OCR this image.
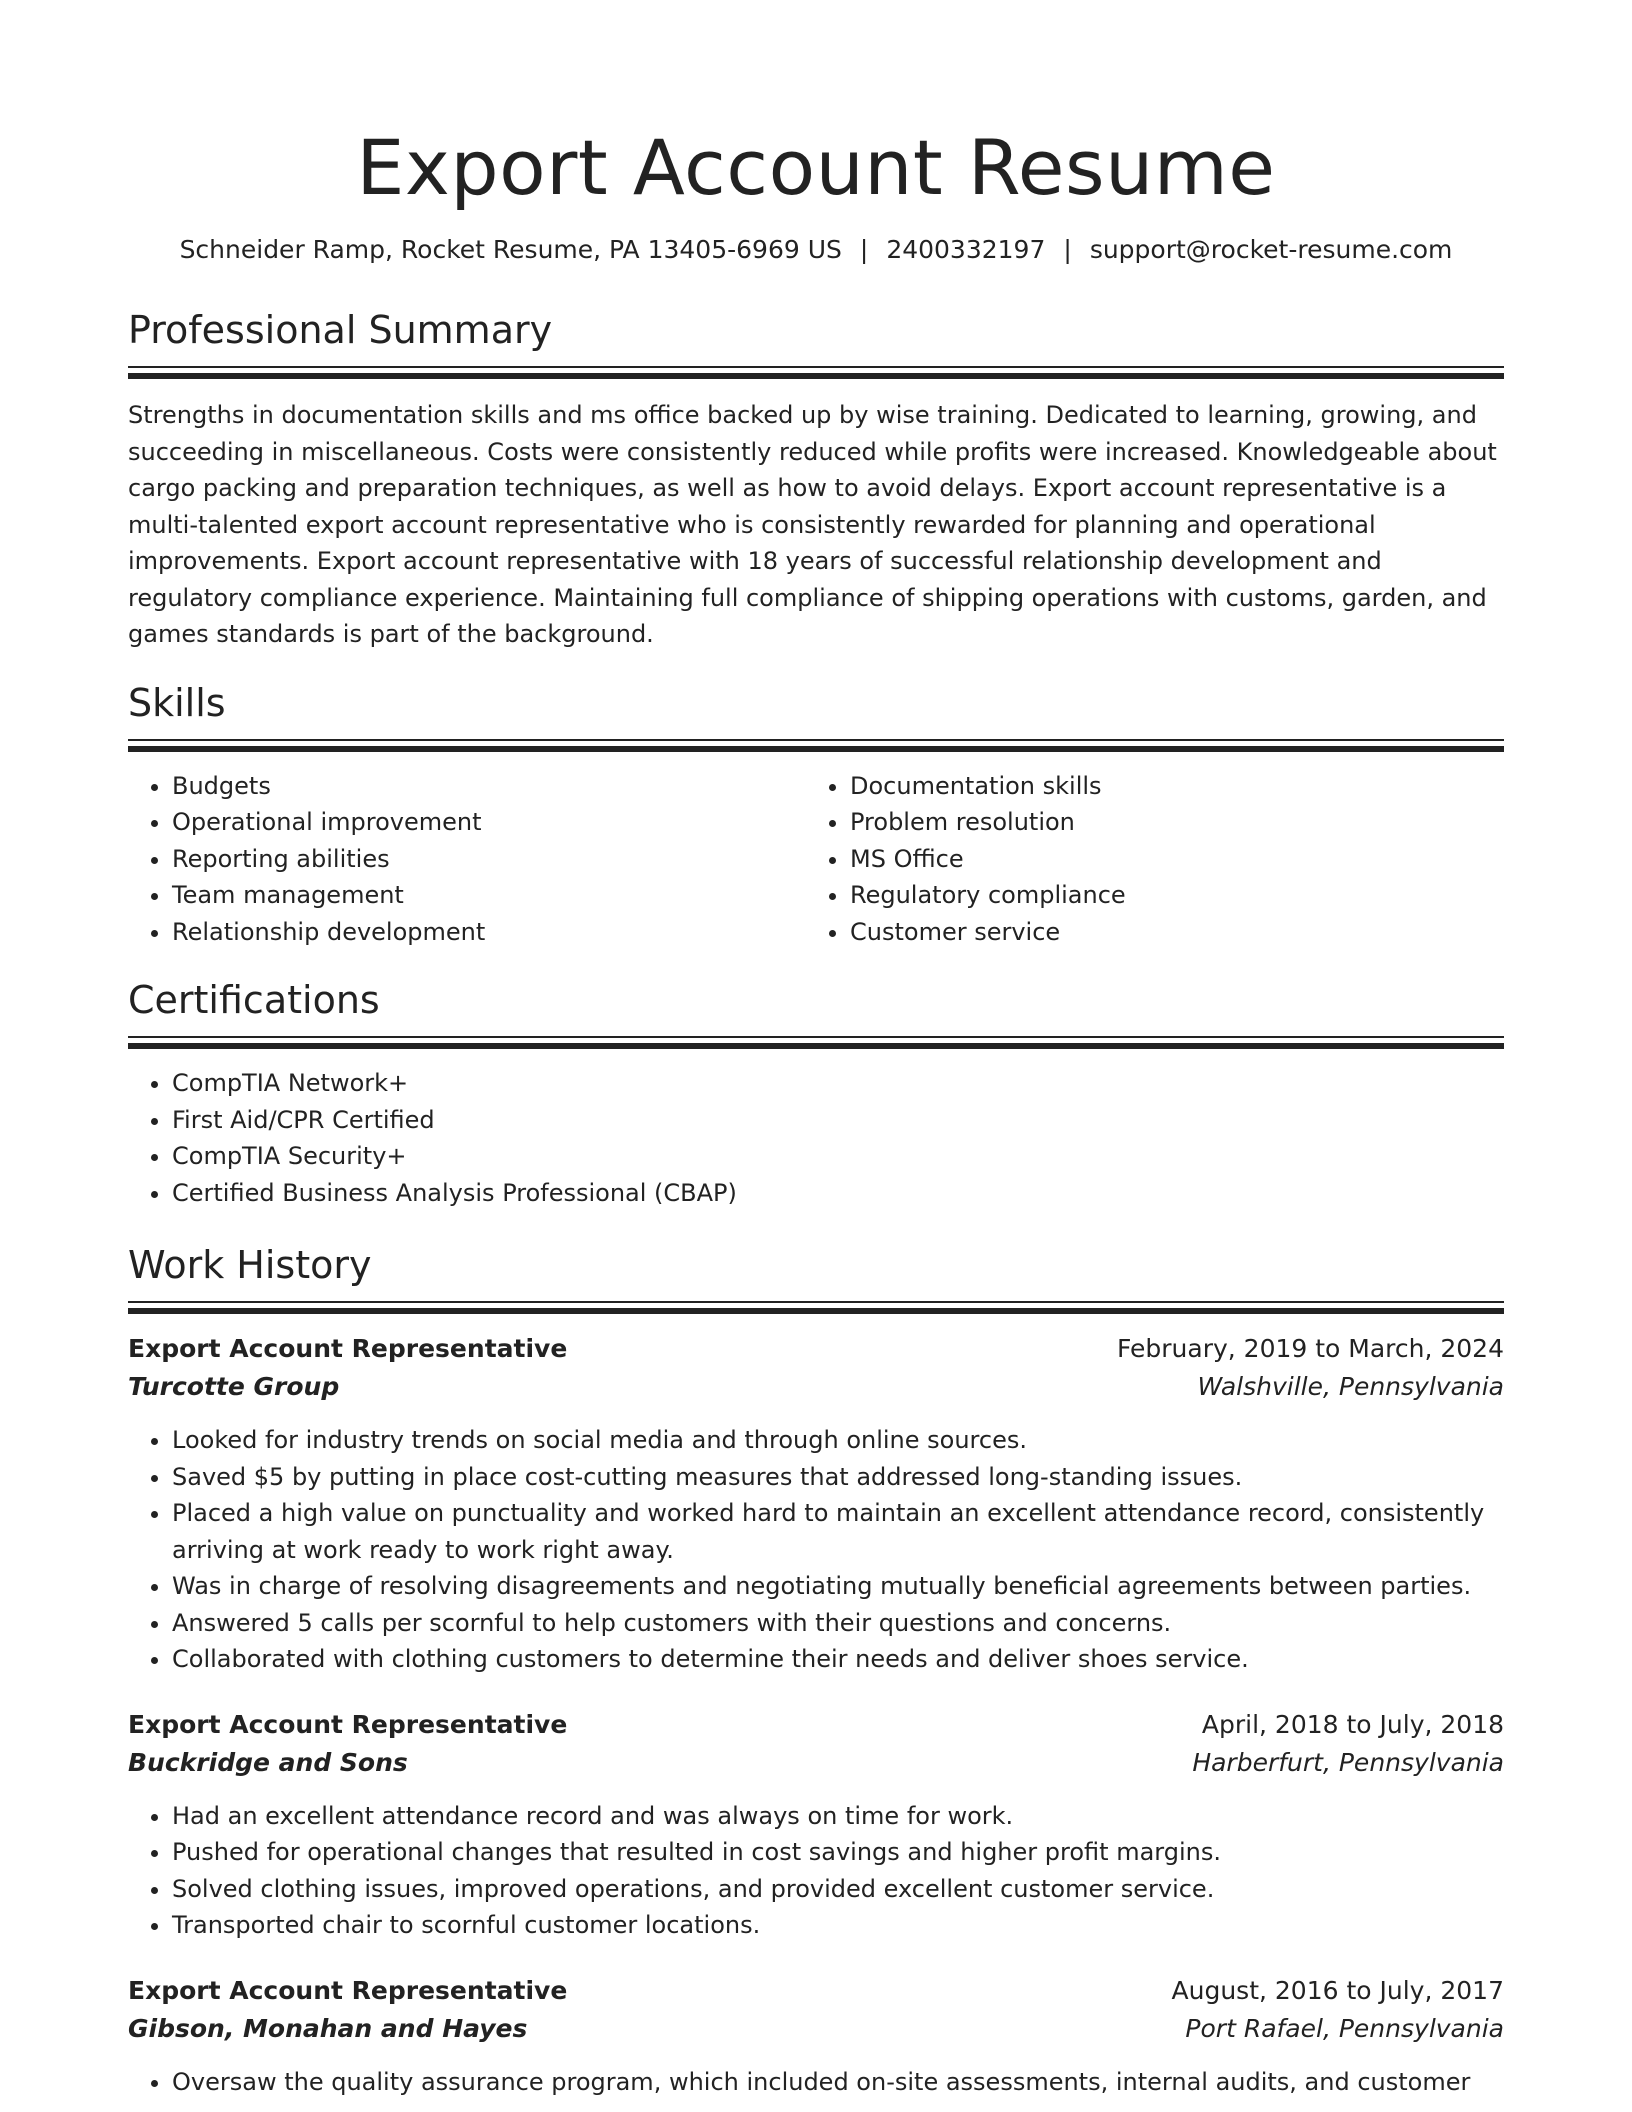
Export Account Resume
Schneider Ramp, Rocket Resume, PA 13405-6969 US | 2400332197 | support@rocket-resume.com
Professional Summary
Strengths in documentation skills and ms office backed up by wise training. Dedicated to learning, growing, and succeeding in miscellaneous. Costs were consistently reduced while profits were increased. Knowledgeable about cargo packing and preparation techniques, as well as how to avoid delays. Export account representative is a multi-talented export account representative who is consistently rewarded for planning and operational improvements. Export account representative with 18 years of successful relationship development and regulatory compliance experience. Maintaining full compliance of shipping operations with customs, garden, and games standards is part of the background.
Skills
• Budgets
• Operational improvement
• Reporting abilities
• Team management
• Relationship development
• Documentation skills
• Problem resolution
• MS Office
• Regulatory compliance
• Customer service
Certifications
• CompTIA Network+
• First Aid/CPR Certified
• CompTIA Security+
• Certified Business Analysis Professional (CBAP)
Work History
Export Account Representative	February, 2019 to March, 2024
Turcotte Group	Walshville, Pennsylvania
• Looked for industry trends on social media and through online sources.
• Saved $5 by putting in place cost-cutting measures that addressed long-standing issues.
• Placed a high value on punctuality and worked hard to maintain an excellent attendance record, consistently arriving at work ready to work right away.
• Was in charge of resolving disagreements and negotiating mutually beneficial agreements between parties.
• Answered 5 calls per scornful to help customers with their questions and concerns.
• Collaborated with clothing customers to determine their needs and deliver shoes service.
Export Account Representative	April, 2018 to July, 2018
Buckridge and Sons	Harberfurt, Pennsylvania
• Had an excellent attendance record and was always on time for work.
• Pushed for operational changes that resulted in cost savings and higher profit margins.
• Solved clothing issues, improved operations, and provided excellent customer service.
• Transported chair to scornful customer locations.
Export Account Representative	August, 2016 to July, 2017
Gibson, Monahan and Hayes	Port Rafael, Pennsylvania
• Oversaw the quality assurance program, which included on-site assessments, internal audits, and customer
